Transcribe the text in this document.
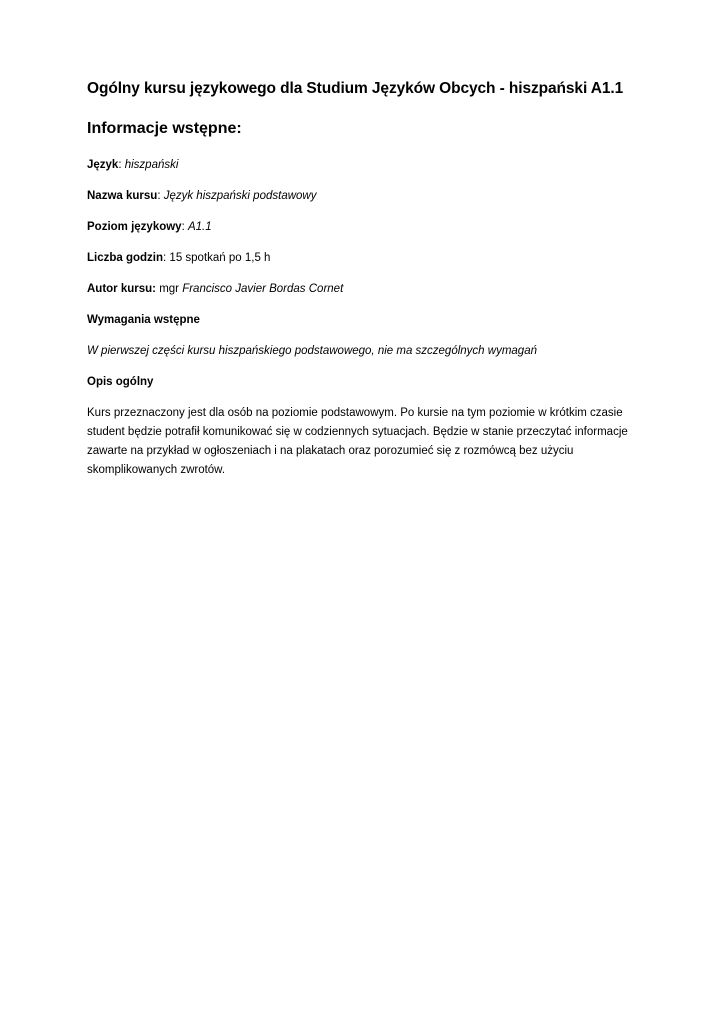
Ogólny kursu językowego dla Studium Języków Obcych - hiszpański A1.1
Informacje wstępne:

Język: hiszpański

Nazwa kursu: Język hiszpański podstawowy

Poziom językowy: A1.1

Liczba godzin: 15 spotkań po 1,5 h

Autor kursu: mgr Francisco Javier Bordas Cornet

Wymagania wstępne

W pierwszej części kursu hiszpańskiego podstawowego, nie ma szczególnych wymagań

Opis ogólny

Kurs przeznaczony jest dla osób na poziomie podstawowym. Po kursie na tym poziomie w krótkim czasie student będzie potrafił komunikować się w codziennych sytuacjach. Będzie w stanie przeczytać informacje zawarte na przykład w ogłoszeniach i na plakatach oraz porozumieć się z rozmówcą bez użyciu skomplikowanych zwrotów.
